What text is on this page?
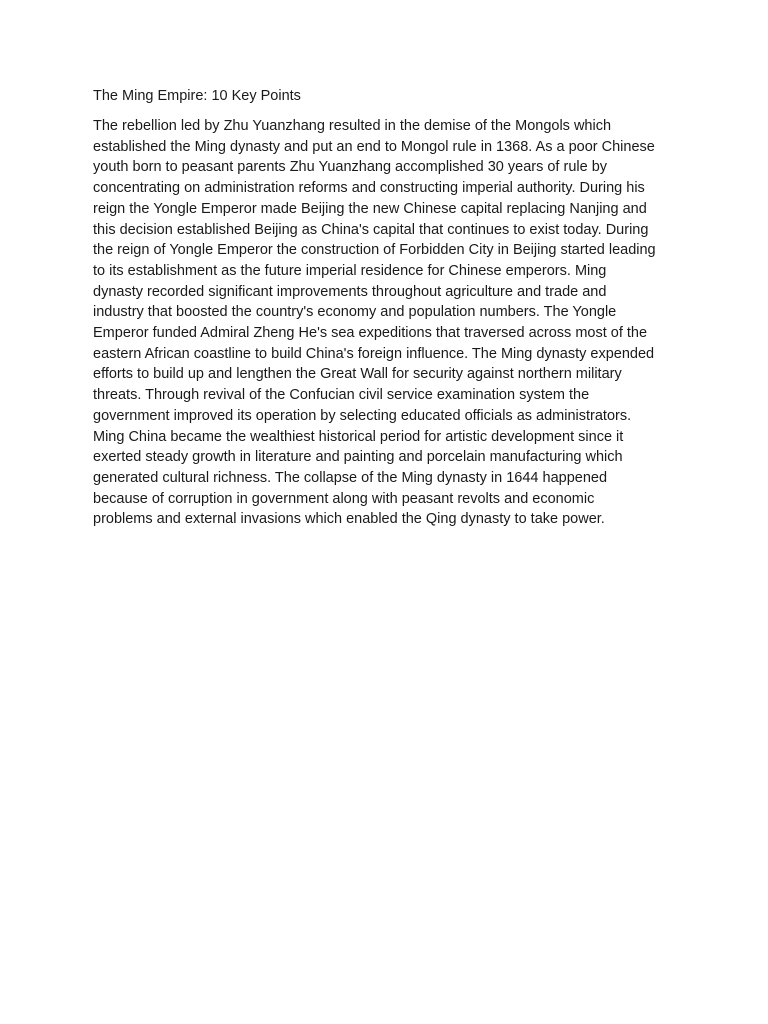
The Ming Empire: 10 Key Points
The rebellion led by Zhu Yuanzhang resulted in the demise of the Mongols which
established the Ming dynasty and put an end to Mongol rule in 1368. As a poor Chinese
youth born to peasant parents Zhu Yuanzhang accomplished 30 years of rule by
concentrating on administration reforms and constructing imperial authority. During his
reign the Yongle Emperor made Beijing the new Chinese capital replacing Nanjing and
this decision established Beijing as China's capital that continues to exist today. During
the reign of Yongle Emperor the construction of Forbidden City in Beijing started leading
to its establishment as the future imperial residence for Chinese emperors. Ming
dynasty recorded significant improvements throughout agriculture and trade and
industry that boosted the country's economy and population numbers. The Yongle
Emperor funded Admiral Zheng He's sea expeditions that traversed across most of the
eastern African coastline to build China's foreign influence. The Ming dynasty expended
efforts to build up and lengthen the Great Wall for security against northern military
threats. Through revival of the Confucian civil service examination system the
government improved its operation by selecting educated officials as administrators.
Ming China became the wealthiest historical period for artistic development since it
exerted steady growth in literature and painting and porcelain manufacturing which
generated cultural richness. The collapse of the Ming dynasty in 1644 happened
because of corruption in government along with peasant revolts and economic
problems and external invasions which enabled the Qing dynasty to take power.
